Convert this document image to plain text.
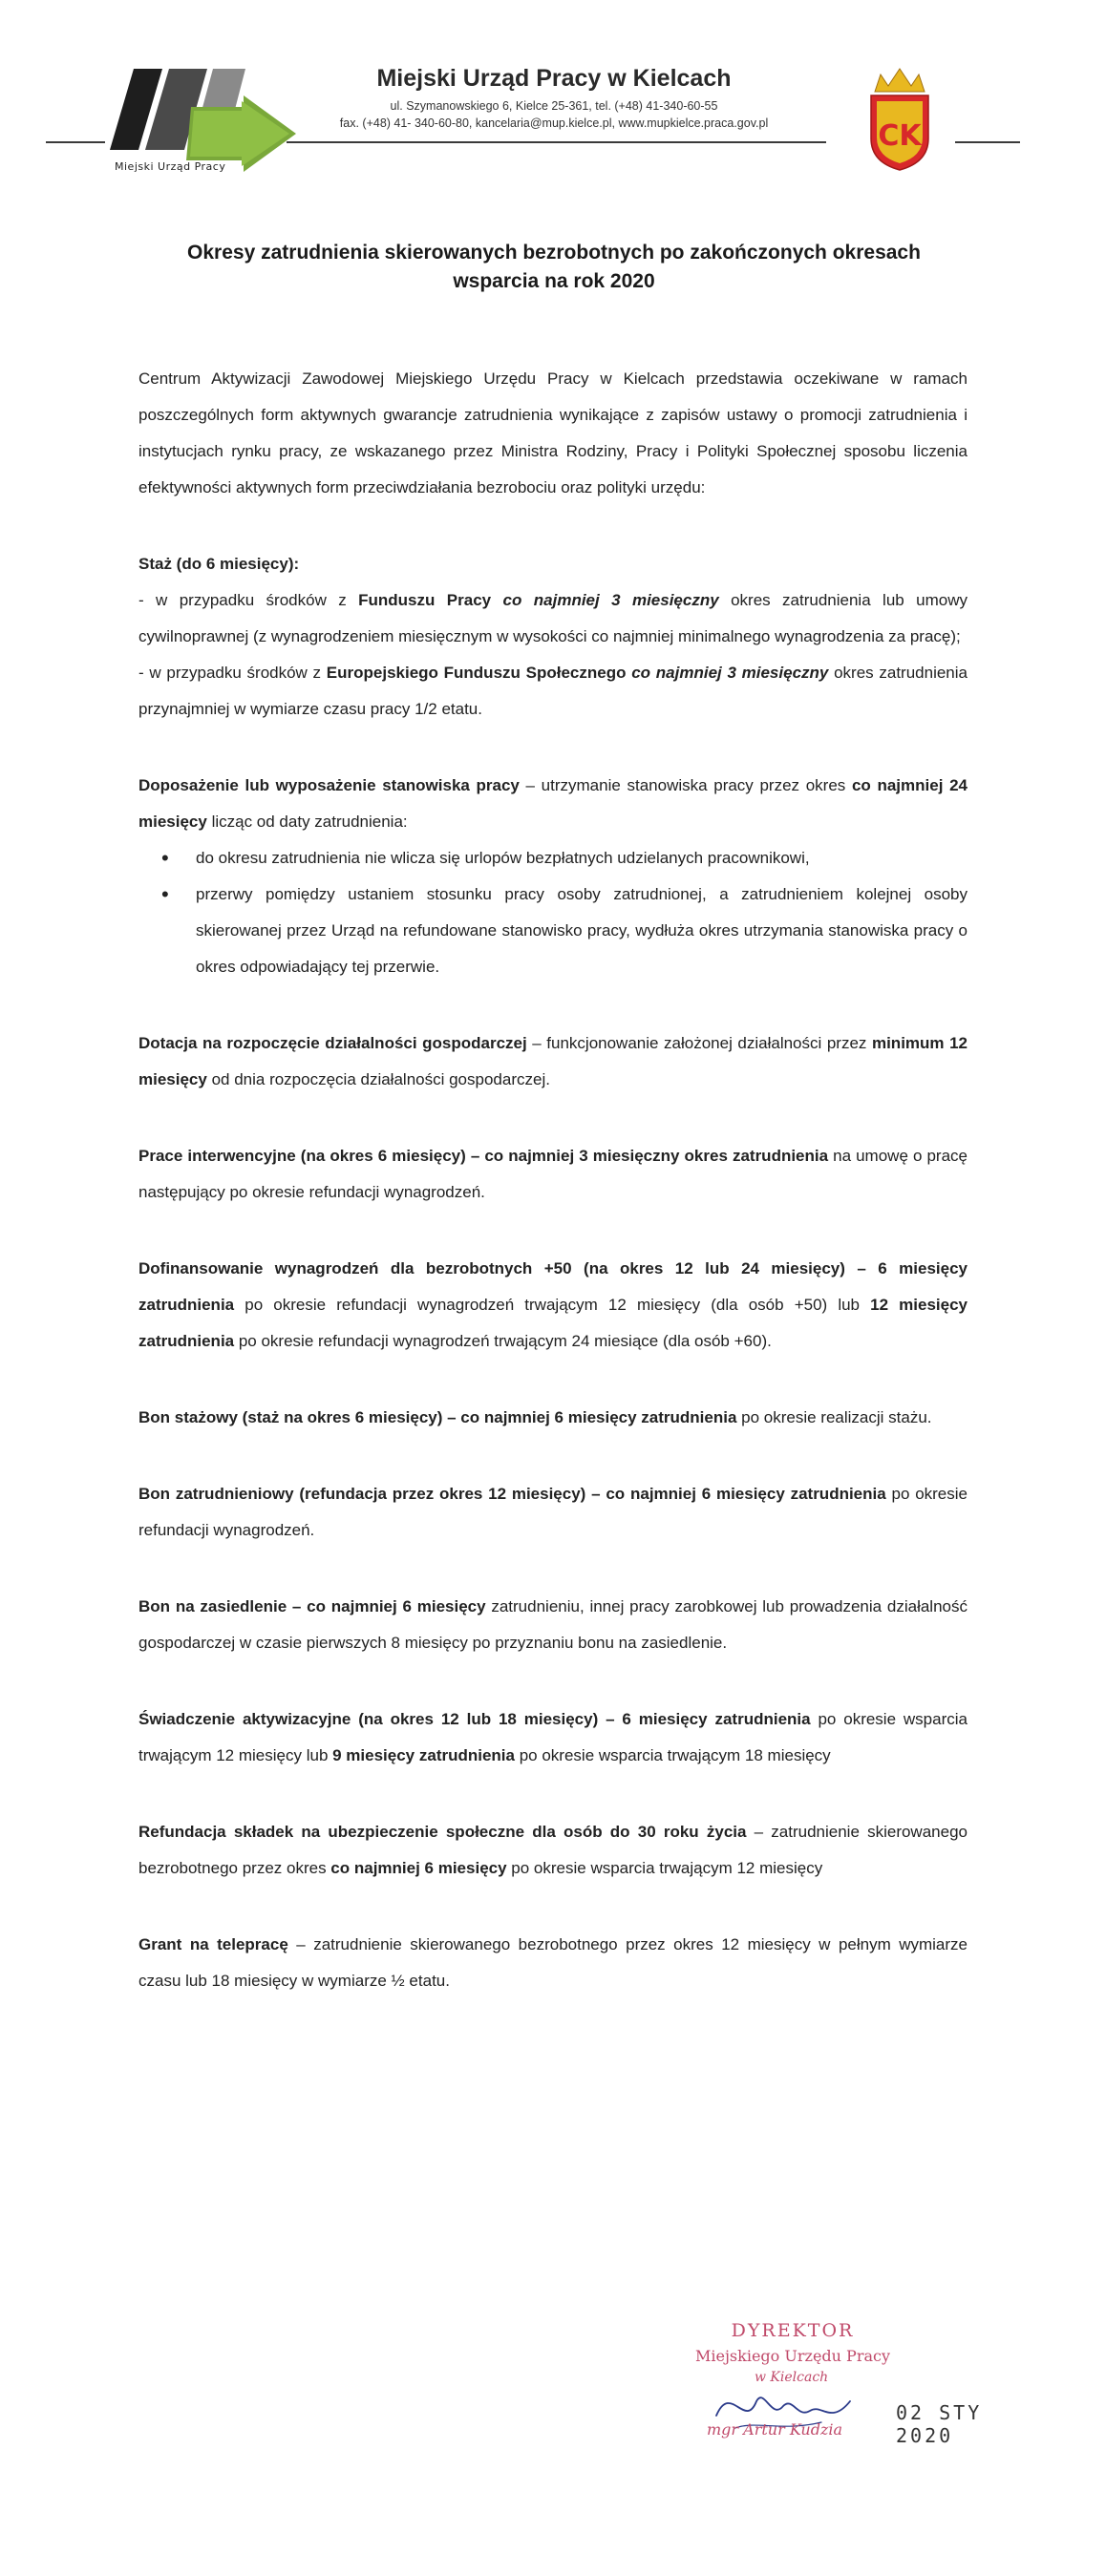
Miejski Urząd Pracy
Miejski Urząd Pracy w Kielcach
ul. Szymanowskiego 6, Kielce 25-361, tel. (+48) 41-340-60-55
fax. (+48) 41- 340-60-80, kancelaria@mup.kielce.pl, www.mupkielce.praca.gov.pl	CK
Okresy zatrudnienia skierowanych bezrobotnych po zakończonych okresach
wsparcia na rok 2020

Centrum Aktywizacji Zawodowej Miejskiego Urzędu Pracy w Kielcach przedstawia oczekiwane w ramach poszczególnych form aktywnych gwarancje zatrudnienia wynikające z zapisów ustawy o promocji zatrudnienia i instytucjach rynku pracy, ze wskazanego przez Ministra Rodziny, Pracy i Polityki Społecznej sposobu liczenia efektywności aktywnych form przeciwdziałania bezrobociu oraz polityki urzędu:

Staż (do 6 miesięcy):

- w przypadku środków z Funduszu Pracy co najmniej 3 miesięczny okres zatrudnienia lub umowy cywilnoprawnej (z wynagrodzeniem miesięcznym w wysokości co najmniej minimalnego wynagrodzenia za pracę);

- w przypadku środków z Europejskiego Funduszu Społecznego co najmniej 3 miesięczny okres zatrudnienia przynajmniej w wymiarze czasu pracy 1/2 etatu.

Doposażenie lub wyposażenie stanowiska pracy – utrzymanie stanowiska pracy przez okres co najmniej 24 miesięcy licząc od daty zatrudnienia:

• do okresu zatrudnienia nie wlicza się urlopów bezpłatnych udzielanych pracownikowi,
• przerwy pomiędzy ustaniem stosunku pracy osoby zatrudnionej, a zatrudnieniem kolejnej osoby skierowanej przez Urząd na refundowane stanowisko pracy, wydłuża okres utrzymania stanowiska pracy o okres odpowiadający tej przerwie.

Dotacja na rozpoczęcie działalności gospodarczej – funkcjonowanie założonej działalności przez minimum 12 miesięcy od dnia rozpoczęcia działalności gospodarczej.

Prace interwencyjne (na okres 6 miesięcy) – co najmniej 3 miesięczny okres zatrudnienia na umowę o pracę następujący po okresie refundacji wynagrodzeń.

Dofinansowanie wynagrodzeń dla bezrobotnych +50 (na okres 12 lub 24 miesięcy) – 6 miesięcy zatrudnienia po okresie refundacji wynagrodzeń trwającym 12 miesięcy (dla osób +50) lub 12 miesięcy zatrudnienia po okresie refundacji wynagrodzeń trwającym 24 miesiące (dla osób +60).

Bon stażowy (staż na okres 6 miesięcy) – co najmniej 6 miesięcy zatrudnienia po okresie realizacji stażu.

Bon zatrudnieniowy (refundacja przez okres 12 miesięcy) – co najmniej 6 miesięcy zatrudnienia po okresie refundacji wynagrodzeń.

Bon na zasiedlenie – co najmniej 6 miesięcy zatrudnieniu, innej pracy zarobkowej lub prowadzenia działalność gospodarczej w czasie pierwszych 8 miesięcy po przyznaniu bonu na zasiedlenie.

Świadczenie aktywizacyjne (na okres 12 lub 18 miesięcy) – 6 miesięcy zatrudnienia po okresie wsparcia trwającym 12 miesięcy lub 9 miesięcy zatrudnienia po okresie wsparcia trwającym 18 miesięcy

Refundacja składek na ubezpieczenie społeczne dla osób do 30 roku życia – zatrudnienie skierowanego bezrobotnego przez okres co najmniej 6 miesięcy po okresie wsparcia trwającym 12 miesięcy

Grant na telepracę – zatrudnienie skierowanego bezrobotnego przez okres 12 miesięcy w pełnym wymiarze czasu lub 18 miesięcy w wymiarze ½ etatu.

DYREKTOR
Miejskiego Urzędu Pracy
w Kielcach
mgr Artur Kudzia
02 STY 2020
